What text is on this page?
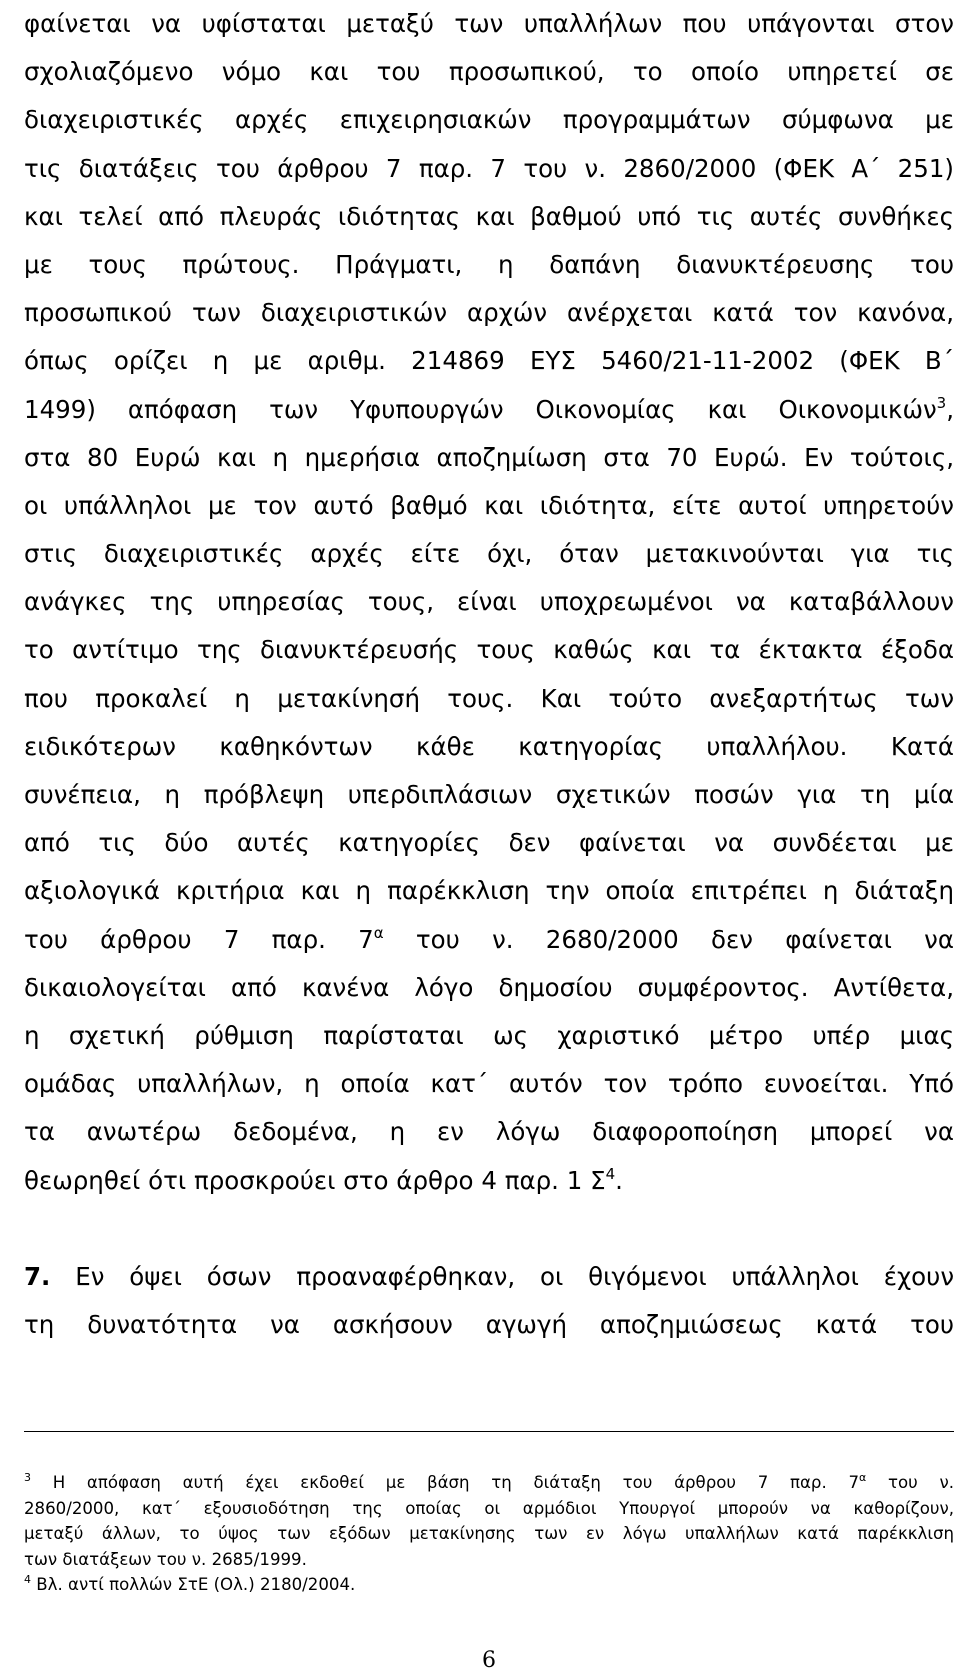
φαίνεται να υφίσταται μεταξύ των υπαλλήλων που υπάγονται στον
σχολιαζόμενο νόμο και του προσωπικού, το οποίο υπηρετεί σε
διαχειριστικές αρχές επιχειρησιακών προγραμμάτων σύμφωνα με
τις διατάξεις του άρθρου 7 παρ. 7 του ν. 2860/2000 (ΦΕΚ Α΄ 251)
και τελεί από πλευράς ιδιότητας και βαθμού υπό τις αυτές συνθήκες
με τους πρώτους. Πράγματι, η δαπάνη διανυκτέρευσης του
προσωπικού των διαχειριστικών αρχών ανέρχεται κατά τον κανόνα,
όπως ορίζει η με αριθμ. 214869 ΕΥΣ 5460/21-11-2002 (ΦΕΚ Β΄
1499) απόφαση των Υφυπουργών Οικονομίας και Οικονομικών$^3$,
στα 80 Ευρώ και η ημερήσια αποζημίωση στα 70 Ευρώ. Εν τούτοις,
οι υπάλληλοι με τον αυτό βαθμό και ιδιότητα, είτε αυτοί υπηρετούν
στις διαχειριστικές αρχές είτε όχι, όταν μετακινούνται για τις
ανάγκες της υπηρεσίας τους, είναι υποχρεωμένοι να καταβάλλουν
το αντίτιμο της διανυκτέρευσής τους καθώς και τα έκτακτα έξοδα
που προκαλεί η μετακίνησή τους. Και τούτο ανεξαρτήτως των
ειδικότερων καθηκόντων κάθε κατηγορίας υπαλλήλου. Κατά
συνέπεια, η πρόβλεψη υπερδιπλάσιων σχετικών ποσών για τη μία
από τις δύο αυτές κατηγορίες δεν φαίνεται να συνδέεται με
αξιολογικά κριτήρια και η παρέκκλιση την οποία επιτρέπει η διάταξη
του άρθρου 7 παρ. $7^\alpha$ του ν. 2680/2000 δεν φαίνεται να
δικαιολογείται από κανένα λόγο δημοσίου συμφέροντος. Αντίθετα,
η σχετική ρύθμιση παρίσταται ως χαριστικό μέτρο υπέρ μιας
ομάδας υπαλλήλων, η οποία κατ΄ αυτόν τον τρόπο ευνοείται. Υπό
τα ανωτέρω δεδομένα, η εν λόγω διαφοροποίηση μπορεί να
θεωρηθεί ότι προσκρούει στο άρθρο 4 παρ. 1 $\Sigma^4$.
7. Εν όψει όσων προαναφέρθηκαν, οι θιγόμενοι υπάλληλοι έχουν
τη δυνατότητα να ασκήσουν αγωγή αποζημιώσεως κατά του
$^3$ Η απόφαση αυτή έχει εκδοθεί με βάση τη διάταξη του άρθρου 7 παρ. $7^\alpha$ του ν.
2860/2000, κατ΄ εξουσιοδότηση της οποίας οι αρμόδιοι Υπουργοί μπορούν να καθορίζουν,
μεταξύ άλλων, το ύψος των εξόδων μετακίνησης των εν λόγω υπαλλήλων κατά παρέκκλιση
των διατάξεων του ν. 2685/1999.
$^4$ Βλ. αντί πολλών ΣτΕ (Ολ.) 2180/2004.
6
